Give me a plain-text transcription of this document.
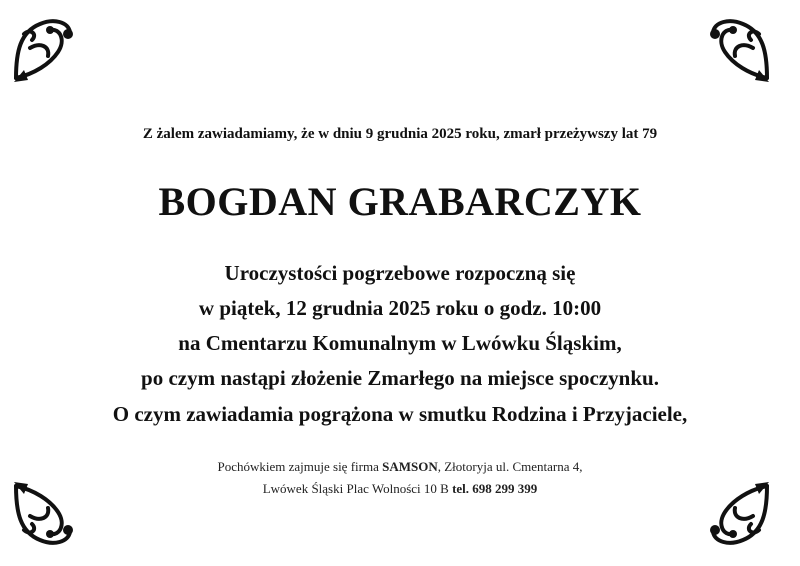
Z żalem zawiadamiamy, że w dniu 9 grudnia 2025 roku, zmarł przeżywszy lat 79
BOGDAN GRABARCZYK
Uroczystości pogrzebowe rozpoczną się
w piątek, 12 grudnia 2025 roku o godz. 10:00
na Cmentarzu Komunalnym w Lwówku Śląskim,
po czym nastąpi złożenie Zmarłego na miejsce spoczynku.
O czym zawiadamia pogrążona w smutku Rodzina i Przyjaciele,
Pochówkiem zajmuje się firma SAMSON, Złotoryja ul. Cmentarna 4,
Lwówek Śląski Plac Wolności 10 B tel. 698 299 399
